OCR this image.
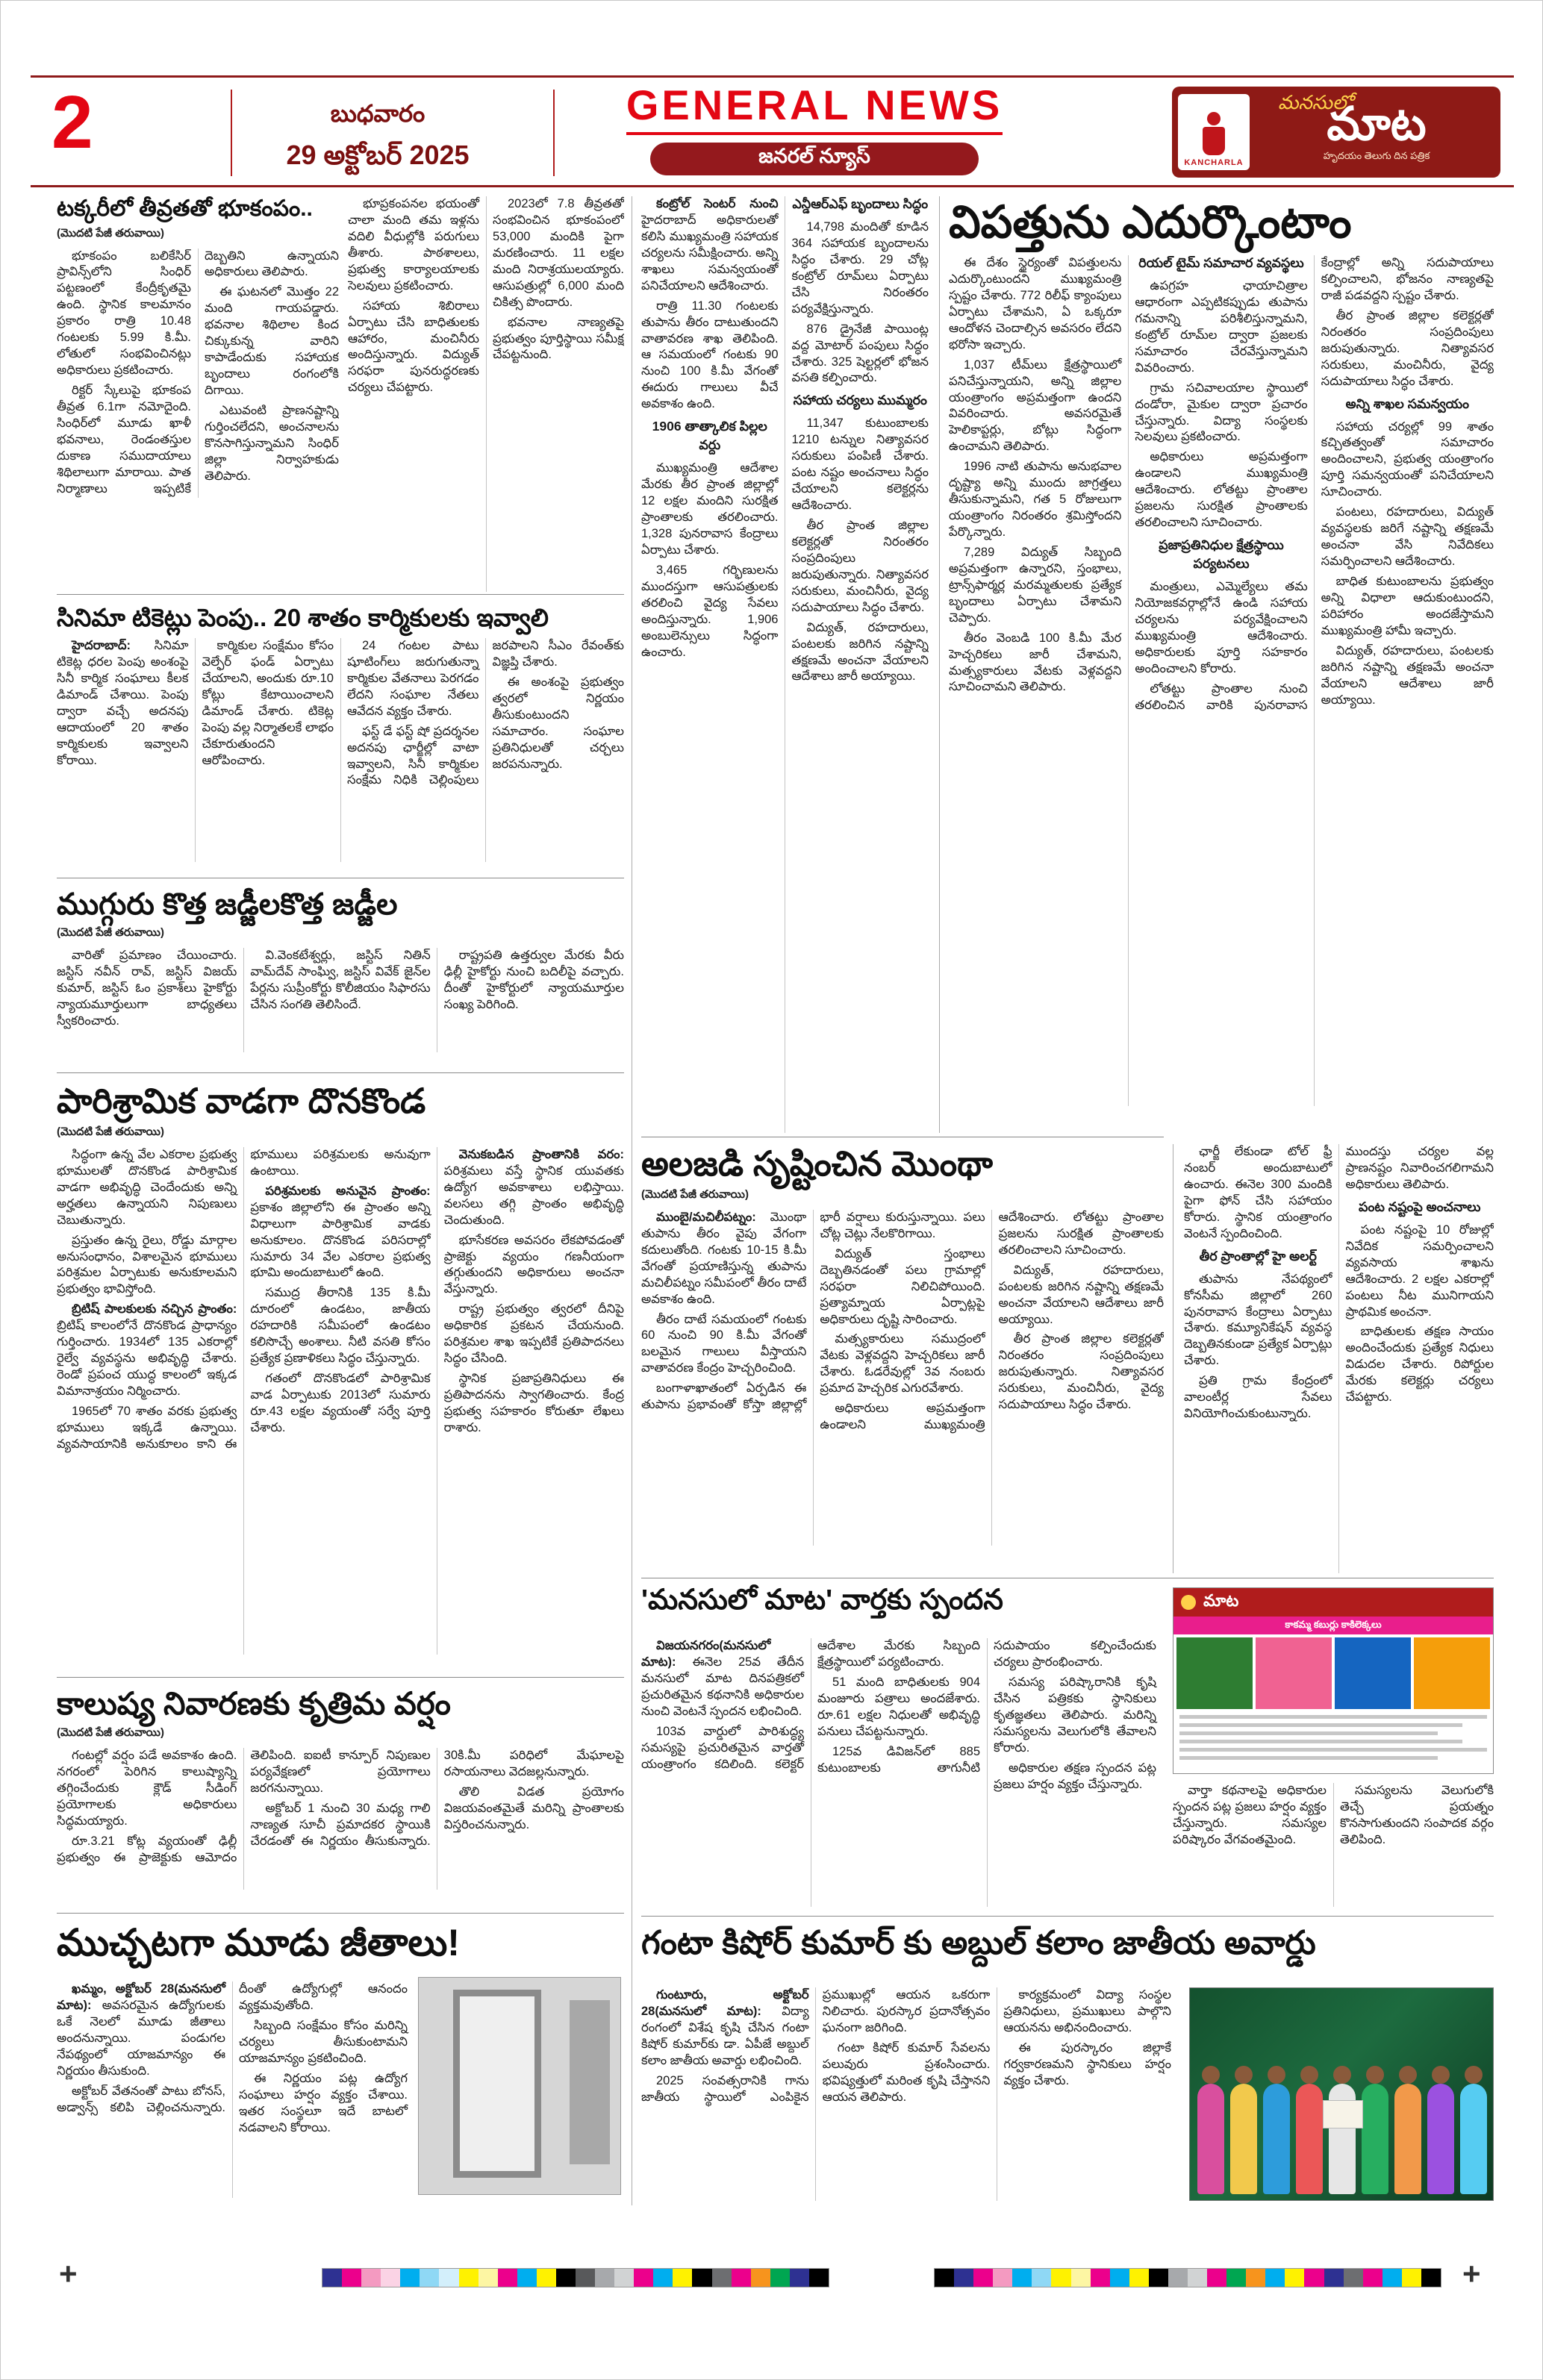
2	బుధవారం
29 అక్టోబర్ 2025
GENERAL NEWS
జనరల్ న్యూస్	KANCHARLA
మనసులో
మాట
హృదయం తెలుగు దిన పత్రిక
టక్కరీలో తీవ్రతతో భూకంపం..
(మొదటి పేజీ తరువాయి)

భూకంపం బలికేసిర్ ప్రావిన్స్‌లోని సింధిర్ పట్టణంలో కేంద్రీకృతమై ఉంది. స్థానిక కాలమానం ప్రకారం రాత్రి 10.48 గంటలకు 5.99 కి.మీ. లోతులో సంభవించినట్లు అధికారులు ప్రకటించారు.

రిక్టర్ స్కేలుపై భూకంప తీవ్రత 6.1గా నమోదైంది. సింధిర్‌లో మూడు ఖాళీ భవనాలు, రెండంతస్తుల దుకాణ సముదాయాలు శిథిలాలుగా మారాయి. పాత నిర్మాణాలు ఇప్పటికే దెబ్బతిని ఉన్నాయని అధికారులు తెలిపారు.

ఈ ఘటనలో మొత్తం 22 మంది గాయపడ్డారు. భవనాల శిథిలాల కింద చిక్కుకున్న వారిని కాపాడేందుకు సహాయక బృందాలు రంగంలోకి దిగాయి.

ఎటువంటి ప్రాణనష్టాన్ని గుర్తించలేదని, అంచనాలను కొనసాగిస్తున్నామని సింధిర్ జిల్లా నిర్వాహకుడు తెలిపారు.

భూప్రకంపనల భయంతో చాలా మంది తమ ఇళ్లను వదిలి వీధుల్లోకి పరుగులు తీశారు. పాఠశాలలు, ప్రభుత్వ కార్యాలయాలకు సెలవులు ప్రకటించారు.

సహాయ శిబిరాలు ఏర్పాటు చేసి బాధితులకు ఆహారం, మంచినీరు అందిస్తున్నారు. విద్యుత్ సరఫరా పునరుద్ధరణకు చర్యలు చేపట్టారు.

2023లో 7.8 తీవ్రతతో సంభవించిన భూకంపంలో 53,000 మందికి పైగా మరణించారు. 11 లక్షల మంది నిరాశ్రయులయ్యారు. ఆసుపత్రుల్లో 6,000 మంది చికిత్స పొందారు.

భవనాల నాణ్యతపై ప్రభుత్వం పూర్తిస్థాయి సమీక్ష చేపట్టనుంది.

కంట్రోల్ సెంటర్ నుంచి హైదరాబాద్ అధికారులతో కలిసి ముఖ్యమంత్రి సహాయక చర్యలను సమీక్షించారు. అన్ని శాఖలు సమన్వయంతో పనిచేయాలని ఆదేశించారు.

రాత్రి 11.30 గంటలకు తుపాను తీరం దాటుతుందని వాతావరణ శాఖ తెలిపింది. ఆ సమయంలో గంటకు 90 నుంచి 100 కి.మీ వేగంతో ఈదురు గాలులు వీచే అవకాశం ఉంది.

1906 తాత్కాలిక పిల్లల వర్దు

ముఖ్యమంత్రి ఆదేశాల మేరకు తీర ప్రాంత జిల్లాల్లో 12 లక్షల మందిని సురక్షిత ప్రాంతాలకు తరలించారు. 1,328 పునరావాస కేంద్రాలు ఏర్పాటు చేశారు.

3,465 గర్భిణులను ముందస్తుగా ఆసుపత్రులకు తరలించి వైద్య సేవలు అందిస్తున్నారు. 1,906 అంబులెన్సులు సిద్ధంగా ఉంచారు.

ఎన్డీఆర్ఎఫ్ బృందాలు సిద్ధం

14,798 మందితో కూడిన 364 సహాయక బృందాలను సిద్ధం చేశారు. 29 చోట్ల కంట్రోల్ రూమ్‌లు ఏర్పాటు చేసి నిరంతరం పర్యవేక్షిస్తున్నారు.

876 డ్రైనేజీ పాయింట్ల వద్ద మోటార్ పంపులు సిద్ధం చేశారు. 325 షెల్టర్లలో భోజన వసతి కల్పించారు.

సహాయ చర్యలు ముమ్మరం

11,347 కుటుంబాలకు 1210 టన్నుల నిత్యావసర సరుకులు పంపిణీ చేశారు. పంట నష్టం అంచనాలు సిద్ధం చేయాలని కలెక్టర్లను ఆదేశించారు.

తీర ప్రాంత జిల్లాల కలెక్టర్లతో నిరంతరం సంప్రదింపులు జరుపుతున్నారు. నిత్యావసర సరుకులు, మంచినీరు, వైద్య సదుపాయాలు సిద్ధం చేశారు.

విద్యుత్, రహదారులు, పంటలకు జరిగిన నష్టాన్ని తక్షణమే అంచనా వేయాలని ఆదేశాలు జారీ అయ్యాయి.

విపత్తును ఎదుర్కొంటాం

ఈ దేశం స్థైర్యంతో విపత్తులను ఎదుర్కొంటుందని ముఖ్యమంత్రి స్పష్టం చేశారు. 772 రిలీఫ్ క్యాంపులు ఏర్పాటు చేశామని, ఏ ఒక్కరూ ఆందోళన చెందాల్సిన అవసరం లేదని భరోసా ఇచ్చారు.

1,037 టీమ్‌లు క్షేత్రస్థాయిలో పనిచేస్తున్నాయని, అన్ని జిల్లాల యంత్రాంగం అప్రమత్తంగా ఉందని వివరించారు. అవసరమైతే హెలికాప్టర్లు, బోట్లు సిద్ధంగా ఉంచామని తెలిపారు.

1996 నాటి తుపాను అనుభవాల దృష్ట్యా అన్ని ముందు జాగ్రత్తలు తీసుకున్నామని, గత 5 రోజులుగా యంత్రాంగం నిరంతరం శ్రమిస్తోందని పేర్కొన్నారు.

7,289 విద్యుత్ సిబ్బంది అప్రమత్తంగా ఉన్నారని, స్తంభాలు, ట్రాన్స్‌ఫార్మర్ల మరమ్మతులకు ప్రత్యేక బృందాలు ఏర్పాటు చేశామని చెప్పారు.

తీరం వెంబడి 100 కి.మీ మేర హెచ్చరికలు జారీ చేశామని, మత్స్యకారులు వేటకు వెళ్లవద్దని సూచించామని తెలిపారు.

రియల్ టైమ్ సమాచార వ్యవస్థలు

ఉపగ్రహ ఛాయాచిత్రాల ఆధారంగా ఎప్పటికప్పుడు తుపాను గమనాన్ని పరిశీలిస్తున్నామని, కంట్రోల్ రూమ్‌ల ద్వారా ప్రజలకు సమాచారం చేరవేస్తున్నామని వివరించారు.

గ్రామ సచివాలయాల స్థాయిలో దండోరా, మైకుల ద్వారా ప్రచారం చేస్తున్నారు. విద్యా సంస్థలకు సెలవులు ప్రకటించారు.

అధికారులు అప్రమత్తంగా ఉండాలని ముఖ్యమంత్రి ఆదేశించారు. లోతట్టు ప్రాంతాల ప్రజలను సురక్షిత ప్రాంతాలకు తరలించాలని సూచించారు.

ప్రజాప్రతినిధుల క్షేత్రస్థాయి పర్యటనలు

మంత్రులు, ఎమ్మెల్యేలు తమ నియోజకవర్గాల్లోనే ఉండి సహాయ చర్యలను పర్యవేక్షించాలని ముఖ్యమంత్రి ఆదేశించారు. అధికారులకు పూర్తి సహకారం అందించాలని కోరారు.

లోతట్టు ప్రాంతాల నుంచి తరలించిన వారికి పునరావాస కేంద్రాల్లో అన్ని సదుపాయాలు కల్పించాలని, భోజనం నాణ్యతపై రాజీ పడవద్దని స్పష్టం చేశారు.

తీర ప్రాంత జిల్లాల కలెక్టర్లతో నిరంతరం సంప్రదింపులు జరుపుతున్నారు. నిత్యావసర సరుకులు, మంచినీరు, వైద్య సదుపాయాలు సిద్ధం చేశారు.

అన్ని శాఖల సమన్వయం

సహాయ చర్యల్లో 99 శాతం కచ్చితత్వంతో సమాచారం అందించాలని, ప్రభుత్వ యంత్రాంగం పూర్తి సమన్వయంతో పనిచేయాలని సూచించారు.

పంటలు, రహదారులు, విద్యుత్ వ్యవస్థలకు జరిగే నష్టాన్ని తక్షణమే అంచనా వేసి నివేదికలు సమర్పించాలని ఆదేశించారు.

బాధిత కుటుంబాలను ప్రభుత్వం అన్ని విధాలా ఆదుకుంటుందని, పరిహారం అందజేస్తామని ముఖ్యమంత్రి హామీ ఇచ్చారు.

విద్యుత్, రహదారులు, పంటలకు జరిగిన నష్టాన్ని తక్షణమే అంచనా వేయాలని ఆదేశాలు జారీ అయ్యాయి.

ఛార్జీ లేకుండా టోల్ ఫ్రీ నంబర్ అందుబాటులో ఉంచారు. ఈనెల 300 మందికి పైగా ఫోన్ చేసి సహాయం కోరారు. స్థానిక యంత్రాంగం వెంటనే స్పందించింది.

తీర ప్రాంతాల్లో హై అలర్ట్

తుపాను నేపథ్యంలో కోనసీమ జిల్లాలో 260 పునరావాస కేంద్రాలు ఏర్పాటు చేశారు. కమ్యూనికేషన్ వ్యవస్థ దెబ్బతినకుండా ప్రత్యేక ఏర్పాట్లు చేశారు.

ప్రతి గ్రామ కేంద్రంలో వాలంటీర్ల సేవలు వినియోగించుకుంటున్నారు. ముందస్తు చర్యల వల్ల ప్రాణనష్టం నివారించగలిగామని అధికారులు తెలిపారు.

పంట నష్టంపై అంచనాలు

పంట నష్టంపై 10 రోజుల్లో నివేదిక సమర్పించాలని వ్యవసాయ శాఖను ఆదేశించారు. 2 లక్షల ఎకరాల్లో పంటలు నీట మునిగాయని ప్రాథమిక అంచనా.

బాధితులకు తక్షణ సాయం అందించేందుకు ప్రత్యేక నిధులు విడుదల చేశారు. రిపోర్టుల మేరకు కలెక్టర్లు చర్యలు చేపట్టారు.

సినిమా టికెట్లు పెంపు.. 20 శాతం కార్మికులకు ఇవ్వాలి

హైదరాబాద్: సినిమా టికెట్ల ధరల పెంపు అంశంపై సినీ కార్మిక సంఘాలు కీలక డిమాండ్ చేశాయి. పెంపు ద్వారా వచ్చే అదనపు ఆదాయంలో 20 శాతం కార్మికులకు ఇవ్వాలని కోరాయి.

కార్మికుల సంక్షేమం కోసం వెల్ఫేర్ ఫండ్ ఏర్పాటు చేయాలని, అందుకు రూ.10 కోట్లు కేటాయించాలని డిమాండ్ చేశారు. టికెట్ల పెంపు వల్ల నిర్మాతలకే లాభం చేకూరుతుందని ఆరోపించారు.

24 గంటల పాటు షూటింగ్‌లు జరుగుతున్నా కార్మికుల వేతనాలు పెరగడం లేదని సంఘాల నేతలు ఆవేదన వ్యక్తం చేశారు.

ఫస్ట్ డే ఫస్ట్ షో ప్రదర్శనల అదనపు ఛార్జీల్లో వాటా ఇవ్వాలని, సినీ కార్మికుల సంక్షేమ నిధికి చెల్లింపులు జరపాలని సీఎం రేవంత్‌కు విజ్ఞప్తి చేశారు.

ఈ అంశంపై ప్రభుత్వం త్వరలో నిర్ణయం తీసుకుంటుందని సమాచారం. సంఘాల ప్రతినిధులతో చర్చలు జరపనున్నారు.

ముగ్గురు కొత్త జడ్జీలకొత్త జడ్జీల
(మొదటి పేజీ తరువాయి)

వారితో ప్రమాణం చేయించారు. జస్టిస్ నవీన్ రావ్, జస్టిస్ విజయ్ కుమార్, జస్టిస్ ఓం ప్రకాశ్‌లు హైకోర్టు న్యాయమూర్తులుగా బాధ్యతలు స్వీకరించారు.

వి.వెంకటేశ్వర్లు, జస్టిస్ నితిన్ వామ్‌దేవ్ సాంఘ్వి, జస్టిస్ వివేక్ జైన్‌ల పేర్లను సుప్రీంకోర్టు కొలీజియం సిఫారసు చేసిన సంగతి తెలిసిందే.

రాష్ట్రపతి ఉత్తర్వుల మేరకు వీరు ఢిల్లీ హైకోర్టు నుంచి బదిలీపై వచ్చారు. దీంతో హైకోర్టులో న్యాయమూర్తుల సంఖ్య పెరిగింది.

పారిశ్రామిక వాడగా దొనకొండ
(మొదటి పేజీ తరువాయి)

సిద్ధంగా ఉన్న వేల ఎకరాల ప్రభుత్వ భూములతో దొనకొండ పారిశ్రామిక వాడగా అభివృద్ధి చెందేందుకు అన్ని అర్హతలు ఉన్నాయని నిపుణులు చెబుతున్నారు.

ప్రస్తుతం ఉన్న రైలు, రోడ్డు మార్గాల అనుసంధానం, విశాలమైన భూములు పరిశ్రమల ఏర్పాటుకు అనుకూలమని ప్రభుత్వం భావిస్తోంది.

బ్రిటిష్ పాలకులకు నచ్చిన ప్రాంతం: బ్రిటిష్ కాలంలోనే దొనకొండ ప్రాధాన్యం గుర్తించారు. 1934లో 135 ఎకరాల్లో రైల్వే వ్యవస్థను అభివృద్ధి చేశారు. రెండో ప్రపంచ యుద్ధ కాలంలో ఇక్కడ విమానాశ్రయం నిర్మించారు.

1965లో 70 శాతం వరకు ప్రభుత్వ భూములు ఇక్కడే ఉన్నాయి. వ్యవసాయానికి అనుకూలం కాని ఈ భూములు పరిశ్రమలకు అనువుగా ఉంటాయి.

పరిశ్రమలకు అనువైన ప్రాంతం: ప్రకాశం జిల్లాలోని ఈ ప్రాంతం అన్ని విధాలుగా పారిశ్రామిక వాడకు అనుకూలం. దొనకొండ పరిసరాల్లో సుమారు 34 వేల ఎకరాల ప్రభుత్వ భూమి అందుబాటులో ఉంది.

సముద్ర తీరానికి 135 కి.మీ దూరంలో ఉండటం, జాతీయ రహదారికి సమీపంలో ఉండటం కలిసొచ్చే అంశాలు. నీటి వసతి కోసం ప్రత్యేక ప్రణాళికలు సిద్ధం చేస్తున్నారు.

గతంలో దొనకొండలో పారిశ్రామిక వాడ ఏర్పాటుకు 2013లో సుమారు రూ.43 లక్షల వ్యయంతో సర్వే పూర్తి చేశారు.

వెనుకబడిన ప్రాంతానికి వరం: పరిశ్రమలు వస్తే స్థానిక యువతకు ఉద్యోగ అవకాశాలు లభిస్తాయి. వలసలు తగ్గి ప్రాంతం అభివృద్ధి చెందుతుంది.

భూసేకరణ అవసరం లేకపోవడంతో ప్రాజెక్టు వ్యయం గణనీయంగా తగ్గుతుందని అధికారులు అంచనా వేస్తున్నారు.

రాష్ట్ర ప్రభుత్వం త్వరలో దీనిపై అధికారిక ప్రకటన చేయనుంది. పరిశ్రమల శాఖ ఇప్పటికే ప్రతిపాదనలు సిద్ధం చేసింది.

స్థానిక ప్రజాప్రతినిధులు ఈ ప్రతిపాదనను స్వాగతించారు. కేంద్ర ప్రభుత్వ సహకారం కోరుతూ లేఖలు రాశారు.

అలజడి సృష్టించిన మొంథా
(మొదటి పేజీ తరువాయి)

ముంబై/మచిలీపట్నం: మొంథా తుపాను తీరం వైపు వేగంగా కదులుతోంది. గంటకు 10-15 కి.మీ వేగంతో ప్రయాణిస్తున్న తుపాను మచిలీపట్నం సమీపంలో తీరం దాటే అవకాశం ఉంది.

తీరం దాటే సమయంలో గంటకు 60 నుంచి 90 కి.మీ వేగంతో బలమైన గాలులు వీస్తాయని వాతావరణ కేంద్రం హెచ్చరించింది.

బంగాళాఖాతంలో ఏర్పడిన ఈ తుపాను ప్రభావంతో కోస్తా జిల్లాల్లో భారీ వర్షాలు కురుస్తున్నాయి. పలు చోట్ల చెట్లు నేలకొరిగాయి.

విద్యుత్ స్తంభాలు దెబ్బతినడంతో పలు గ్రామాల్లో సరఫరా నిలిచిపోయింది. ప్రత్యామ్నాయ ఏర్పాట్లపై అధికారులు దృష్టి సారించారు.

మత్స్యకారులు సముద్రంలో వేటకు వెళ్లవద్దని హెచ్చరికలు జారీ చేశారు. ఓడరేవుల్లో 3వ నంబరు ప్రమాద హెచ్చరిక ఎగురవేశారు.

అధికారులు అప్రమత్తంగా ఉండాలని ముఖ్యమంత్రి ఆదేశించారు. లోతట్టు ప్రాంతాల ప్రజలను సురక్షిత ప్రాంతాలకు తరలించాలని సూచించారు.

విద్యుత్, రహదారులు, పంటలకు జరిగిన నష్టాన్ని తక్షణమే అంచనా వేయాలని ఆదేశాలు జారీ అయ్యాయి.

తీర ప్రాంత జిల్లాల కలెక్టర్లతో నిరంతరం సంప్రదింపులు జరుపుతున్నారు. నిత్యావసర సరుకులు, మంచినీరు, వైద్య సదుపాయాలు సిద్ధం చేశారు.

'మనసులో మాట' వార్తకు స్పందన

విజయనగరం(మనసులో మాట): ఈనెల 25వ తేదీన మనసులో మాట దినపత్రికలో ప్రచురితమైన కథనానికి అధికారుల నుంచి వెంటనే స్పందన లభించింది.

103వ వార్డులో పారిశుద్ధ్య సమస్యపై ప్రచురితమైన వార్తతో యంత్రాంగం కదిలింది. కలెక్టర్ ఆదేశాల మేరకు సిబ్బంది క్షేత్రస్థాయిలో పర్యటించారు.

51 మంది బాధితులకు 904 మంజూరు పత్రాలు అందజేశారు. రూ.61 లక్షల నిధులతో అభివృద్ధి పనులు చేపట్టనున్నారు.

125వ డివిజన్‌లో 885 కుటుంబాలకు తాగునీటి సదుపాయం కల్పించేందుకు చర్యలు ప్రారంభించారు.

సమస్య పరిష్కారానికి కృషి చేసిన పత్రికకు స్థానికులు కృతజ్ఞతలు తెలిపారు. మరిన్ని సమస్యలను వెలుగులోకి తేవాలని కోరారు.

అధికారుల తక్షణ స్పందన పట్ల ప్రజలు హర్షం వ్యక్తం చేస్తున్నారు.

మాట
కాకమ్మ కబుర్లు కాకిలెక్కలు

వార్తా కథనాలపై అధికారుల స్పందన పట్ల ప్రజలు హర్షం వ్యక్తం చేస్తున్నారు. సమస్యల పరిష్కారం వేగవంతమైంది.

సమస్యలను వెలుగులోకి తెచ్చే ప్రయత్నం కొనసాగుతుందని సంపాదక వర్గం తెలిపింది.

కాలుష్య నివారణకు కృత్రిమ వర్షం
(మొదటి పేజీ తరువాయి)

గంటల్లో వర్షం పడే అవకాశం ఉంది. నగరంలో పెరిగిన కాలుష్యాన్ని తగ్గించేందుకు క్లౌడ్ సీడింగ్ ప్రయోగాలకు అధికారులు సిద్ధమయ్యారు.

రూ.3.21 కోట్ల వ్యయంతో ఢిల్లీ ప్రభుత్వం ఈ ప్రాజెక్టుకు ఆమోదం తెలిపింది. ఐఐటీ కాన్పూర్ నిపుణుల పర్యవేక్షణలో ప్రయోగాలు జరగనున్నాయి.

అక్టోబర్ 1 నుంచి 30 మధ్య గాలి నాణ్యత సూచీ ప్రమాదకర స్థాయికి చేరడంతో ఈ నిర్ణయం తీసుకున్నారు. 30కి.మీ పరిధిలో మేఘాలపై రసాయనాలు వెదజల్లనున్నారు.

తొలి విడత ప్రయోగం విజయవంతమైతే మరిన్ని ప్రాంతాలకు విస్తరించనున్నారు.

ముచ్చటగా మూడు జీతాలు!

ఖమ్మం, అక్టోబర్ 28(మనసులో మాట): అవసరమైన ఉద్యోగులకు ఒకే నెలలో మూడు జీతాలు అందనున్నాయి. పండుగల నేపథ్యంలో యాజమాన్యం ఈ నిర్ణయం తీసుకుంది.

అక్టోబర్ వేతనంతో పాటు బోనస్, అడ్వాన్స్ కలిపి చెల్లించనున్నారు. దీంతో ఉద్యోగుల్లో ఆనందం వ్యక్తమవుతోంది.

సిబ్బంది సంక్షేమం కోసం మరిన్ని చర్యలు తీసుకుంటామని యాజమాన్యం ప్రకటించింది.

ఈ నిర్ణయం పట్ల ఉద్యోగ సంఘాలు హర్షం వ్యక్తం చేశాయి. ఇతర సంస్థలూ ఇదే బాటలో నడవాలని కోరాయి.

గంటా కిషోర్ కుమార్ కు అబ్దుల్ కలాం జాతీయ అవార్డు

గుంటూరు, అక్టోబర్ 28(మనసులో మాట): విద్యా రంగంలో విశేష కృషి చేసిన గంటా కిషోర్ కుమార్‌కు డా. ఏపీజే అబ్దుల్ కలాం జాతీయ అవార్డు లభించింది.

2025 సంవత్సరానికి గాను జాతీయ స్థాయిలో ఎంపికైన ప్రముఖుల్లో ఆయన ఒకరుగా నిలిచారు. పురస్కార ప్రదానోత్సవం ఘనంగా జరిగింది.

గంటా కిషోర్ కుమార్ సేవలను పలువురు ప్రశంసించారు. భవిష్యత్తులో మరింత కృషి చేస్తానని ఆయన తెలిపారు.

కార్యక్రమంలో విద్యా సంస్థల ప్రతినిధులు, ప్రముఖులు పాల్గొని ఆయనను అభినందించారు.

ఈ పురస్కారం జిల్లాకే గర్వకారణమని స్థానికులు హర్షం వ్యక్తం చేశారు.

+	+
